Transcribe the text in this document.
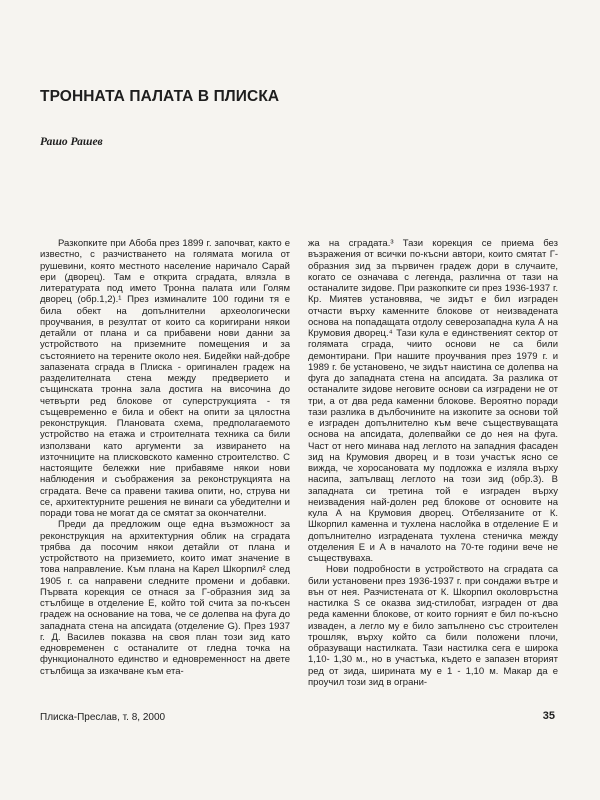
ТРОННАТА ПАЛАТА В ПЛИСКА

Рашо Рашев

Разкопките при Абоба през 1899 г. започват, както е известно, с разчистването на голямата могила от рушевини, която местното население наричало Сарай ери (дворец). Там е открита сградата, влязла в литературата под името Тронна палата или Голям дворец (обр.1,2).¹ През изминалите 100 години тя е била обект на допълнителни археологически проучвания, в резултат от които са коригирани някои детайли от плана и са прибавени нови данни за устройството на приземните помещения и за състоянието на терените около нея. Бидейки най-добре запазената сграда в Плиска - оригинален градеж на разделителната стена между предверието и същинската тронна зала достига на височина до четвърти ред блокове от суперструкцията - тя същевременно е била и обект на опити за цялостна реконструкция. Плановата схема, предполагаемото устройство на етажа и строителната техника са били използвани като аргументи за извирането на източниците на плисковското каменно строителство. С настоящите бележки ние прибавяме някои нови наблюдения и съображения за реконструкцията на сградата. Вече са правени такива опити, но, струва ни се, архитектурните решения не винаги са убедителни и поради това не могат да се смятат за окончателни.

Преди да предложим още една възможност за реконструкция на архитектурния облик на сградата трябва да посочим някои детайли от плана и устройството на приземието, които имат значение в това направление. Към плана на Карел Шкорпил² след 1905 г. са направени следните промени и добавки. Първата корекция се отнася за Г-образния зид за стълбище в отделение Е, който той счита за по-късен градеж на основание на това, че се долепва на фуга до западната стена на апсидата (отделение G). През 1937 г. Д. Василев показва на своя план този зид като едновременен с останалите от гледна точка на функционалното единство и едновременност на двете стълбища за изкачване към ета-

жа на сградата.³ Тази корекция се приема без възражения от всички по-късни автори, които смятат Г-образния зид за първичен градеж дори в случаите, когато се означава с легенда, различна от тази на останалите зидове. При разкопките си през 1936-1937 г. Кр. Миятев установява, че зидът е бил изграден отчасти върху каменните блокове от неизвадената основа на попадащата отдолу северозападна кула А на Крумовия дворец.⁴ Тази кула е единственият сектор от голямата сграда, чиито основи не са били демонтирани. При нашите проучвания през 1979 г. и 1989 г. бе установено, че зидът наистина се долепва на фуга до западната стена на апсидата. За разлика от останалите зидове неговите основи са изградени не от три, а от два реда каменни блокове. Вероятно поради тази разлика в дълбочините на изкопите за основи той е изграден допълнително към вече съществуващата основа на апсидата, долепвайки се до нея на фуга. Част от него минава над леглото на западния фасаден зид на Крумовия дворец и в този участък ясно се вижда, че хоросановата му подложка е изляла върху насипа, запълващ леглото на този зид (обр.3). В западната си третина той е изграден върху неизвадения най-долен ред блокове от основите на кула А на Крумовия дворец. Отбелязаните от К. Шкорпил каменна и тухлена наслойка в отделение Е и допълнително изградената тухлена стеничка между отделения Е и А в началото на 70-те години вече не съществуваха.

Нови подробности в устройството на сградата са били установени през 1936-1937 г. при сондажи вътре и вън от нея. Разчистената от К. Шкорпил околовръстна настилка S се оказва зид-стилобат, изграден от два реда каменни блокове, от които горният е бил по-късно извaден, а легло му е било запълнено със строителен трошляк, върху който са били положени плочи, образуващи настилката. Тази настилка сега е широка 1,10- 1,30 м., но в участъка, където е запазен вторият ред от зида, ширината му е 1 - 1,10 м. Макар да е проучил този зид в ограни-

Плиска-Преслав, т. 8, 2000	35
